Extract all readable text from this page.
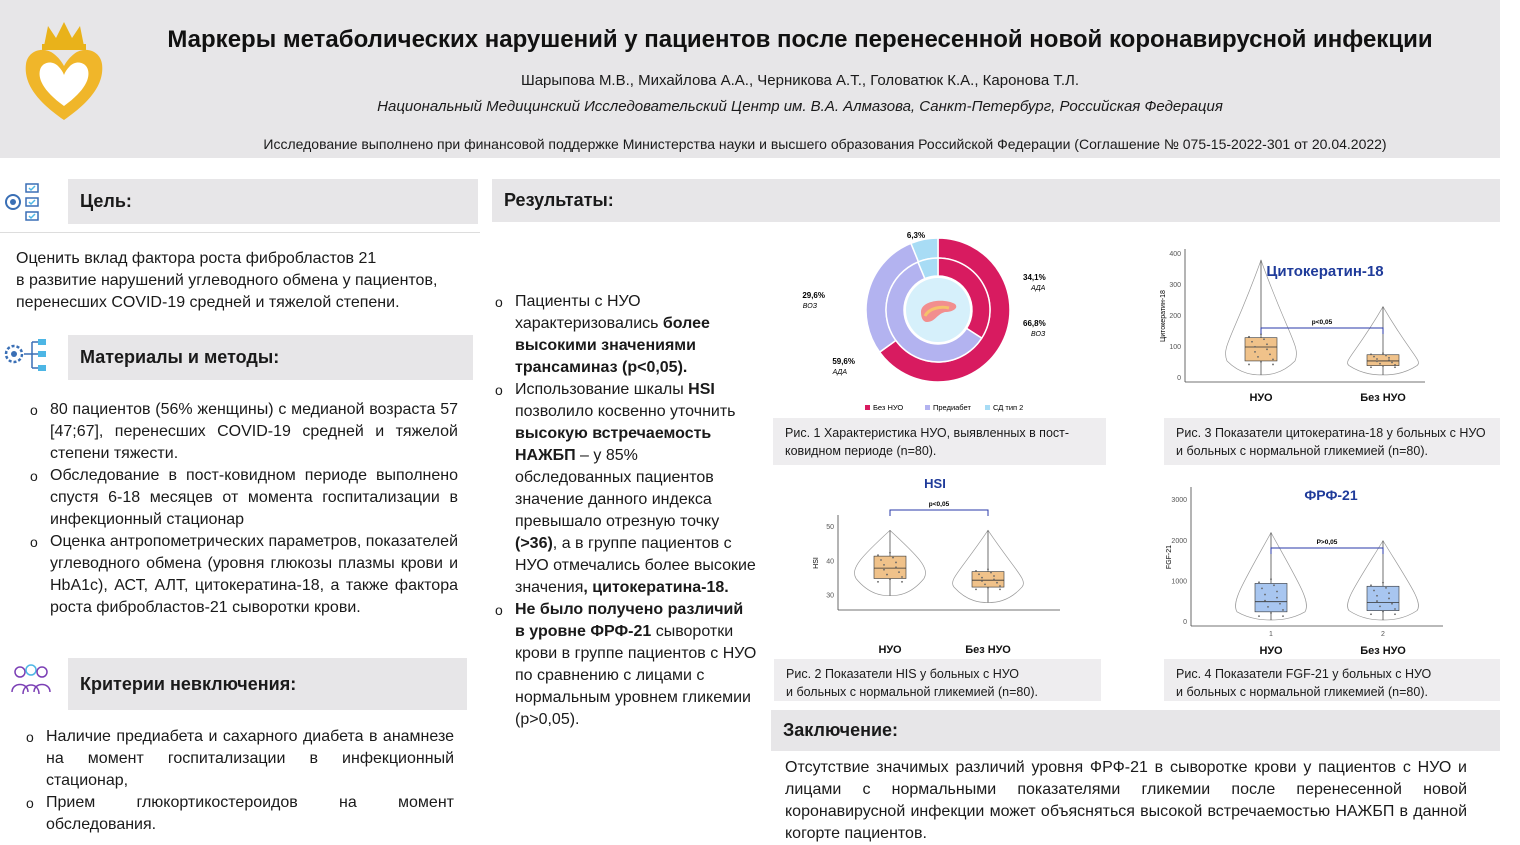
Маркеры метаболических нарушений у пациентов после перенесенной новой коронавирусной инфекции
Шарыпова М.В., Михайлова А.А., Черникова А.Т., Головатюк К.А., Каронова Т.Л.
Национальный Медицинский Исследовательский Центр им. В.А. Алмазова, Санкт-Петербург, Российская Федерация
Исследование выполнено при финансовой поддержке Министерства науки и высшего образования Российской Федерации (Соглашение № 075-15-2022-301 от 20.04.2022)
Цель:
Оценить вклад фактора роста фибробластов 21
в развитие нарушений углеводного обмена у пациентов,
перенесших COVID-19 средней и тяжелой степени.
Материалы и методы:
o 80 пациентов (56% женщины) с медианой возраста 57 [47;67], перенесших COVID-19 средней и тяжелой степени тяжести.
o Обследование в пост-ковидном периоде выполнено спустя 6-18 месяцев от момента госпитализации в инфекционный стационар
o Оценка антропометрических параметров, показателей углеводного обмена (уровня глюкозы плазмы крови и HbA1c), АСТ, АЛТ, цитокератина-18, а также фактора роста фибробластов-21 сыворотки крови.
Критерии невключения:
o Наличие предиабета и сахарного диабета в анамнезе на момент госпитализации в инфекционный стационар,
o Прием глюкортикостероидов на момент обследования.
Результаты:
o Пациенты с НУО характеризовались более высокими значениями трансаминаз (p<0,05).
o Использование шкалы HSI позволило косвенно уточнить высокую встречаемость НАЖБП – у 85% обследованных пациентов значение данного индекса превышало отрезную точку (>36), а в группе пациентов с НУО отмечались более высокие значения, цитокератина-18.
o Не было получено различий в уровне ФРФ-21 сыворотки крови в группе пациентов с НУО по сравнению с лицами с нормальным уровнем гликемии (p>0,05).
34,1%
АДА
66,8%
ВОЗ
29,6%
ВОЗ
59,6%
АДА
6,3%
Без НУО	Предиабет	СД тип 2
Рис. 1 Характеристика НУО, выявленных в пост-ковидном периоде (n=80).
0
100
200
300
400
Цитокератин-18
Цитокератин-18
НУО	Без НУО
p<0,05
Рис. 3 Показатели цитокератина-18 у больных с НУО
и больных с нормальной гликемией (n=80).
30
40
50
HSI
HSI
НУО	Без НУО
p<0,05
Рис. 2 Показатели HIS у больных с НУО
и больных с нормальной гликемией (n=80).
0
1000
2000
3000
FGF-21
ФРФ-21
1
НУО
2
Без НУО
P>0,05
Рис. 4 Показатели FGF-21 у больных с НУО
и больных с нормальной гликемией (n=80).
Заключение:
Отсутствие значимых различий уровня ФРФ-21 в сыворотке крови у пациентов с НУО и лицами с нормальными показателями гликемии после перенесенной новой коронавирусной инфекции может объясняться высокой встречаемостью НАЖБП в данной когорте пациентов.
